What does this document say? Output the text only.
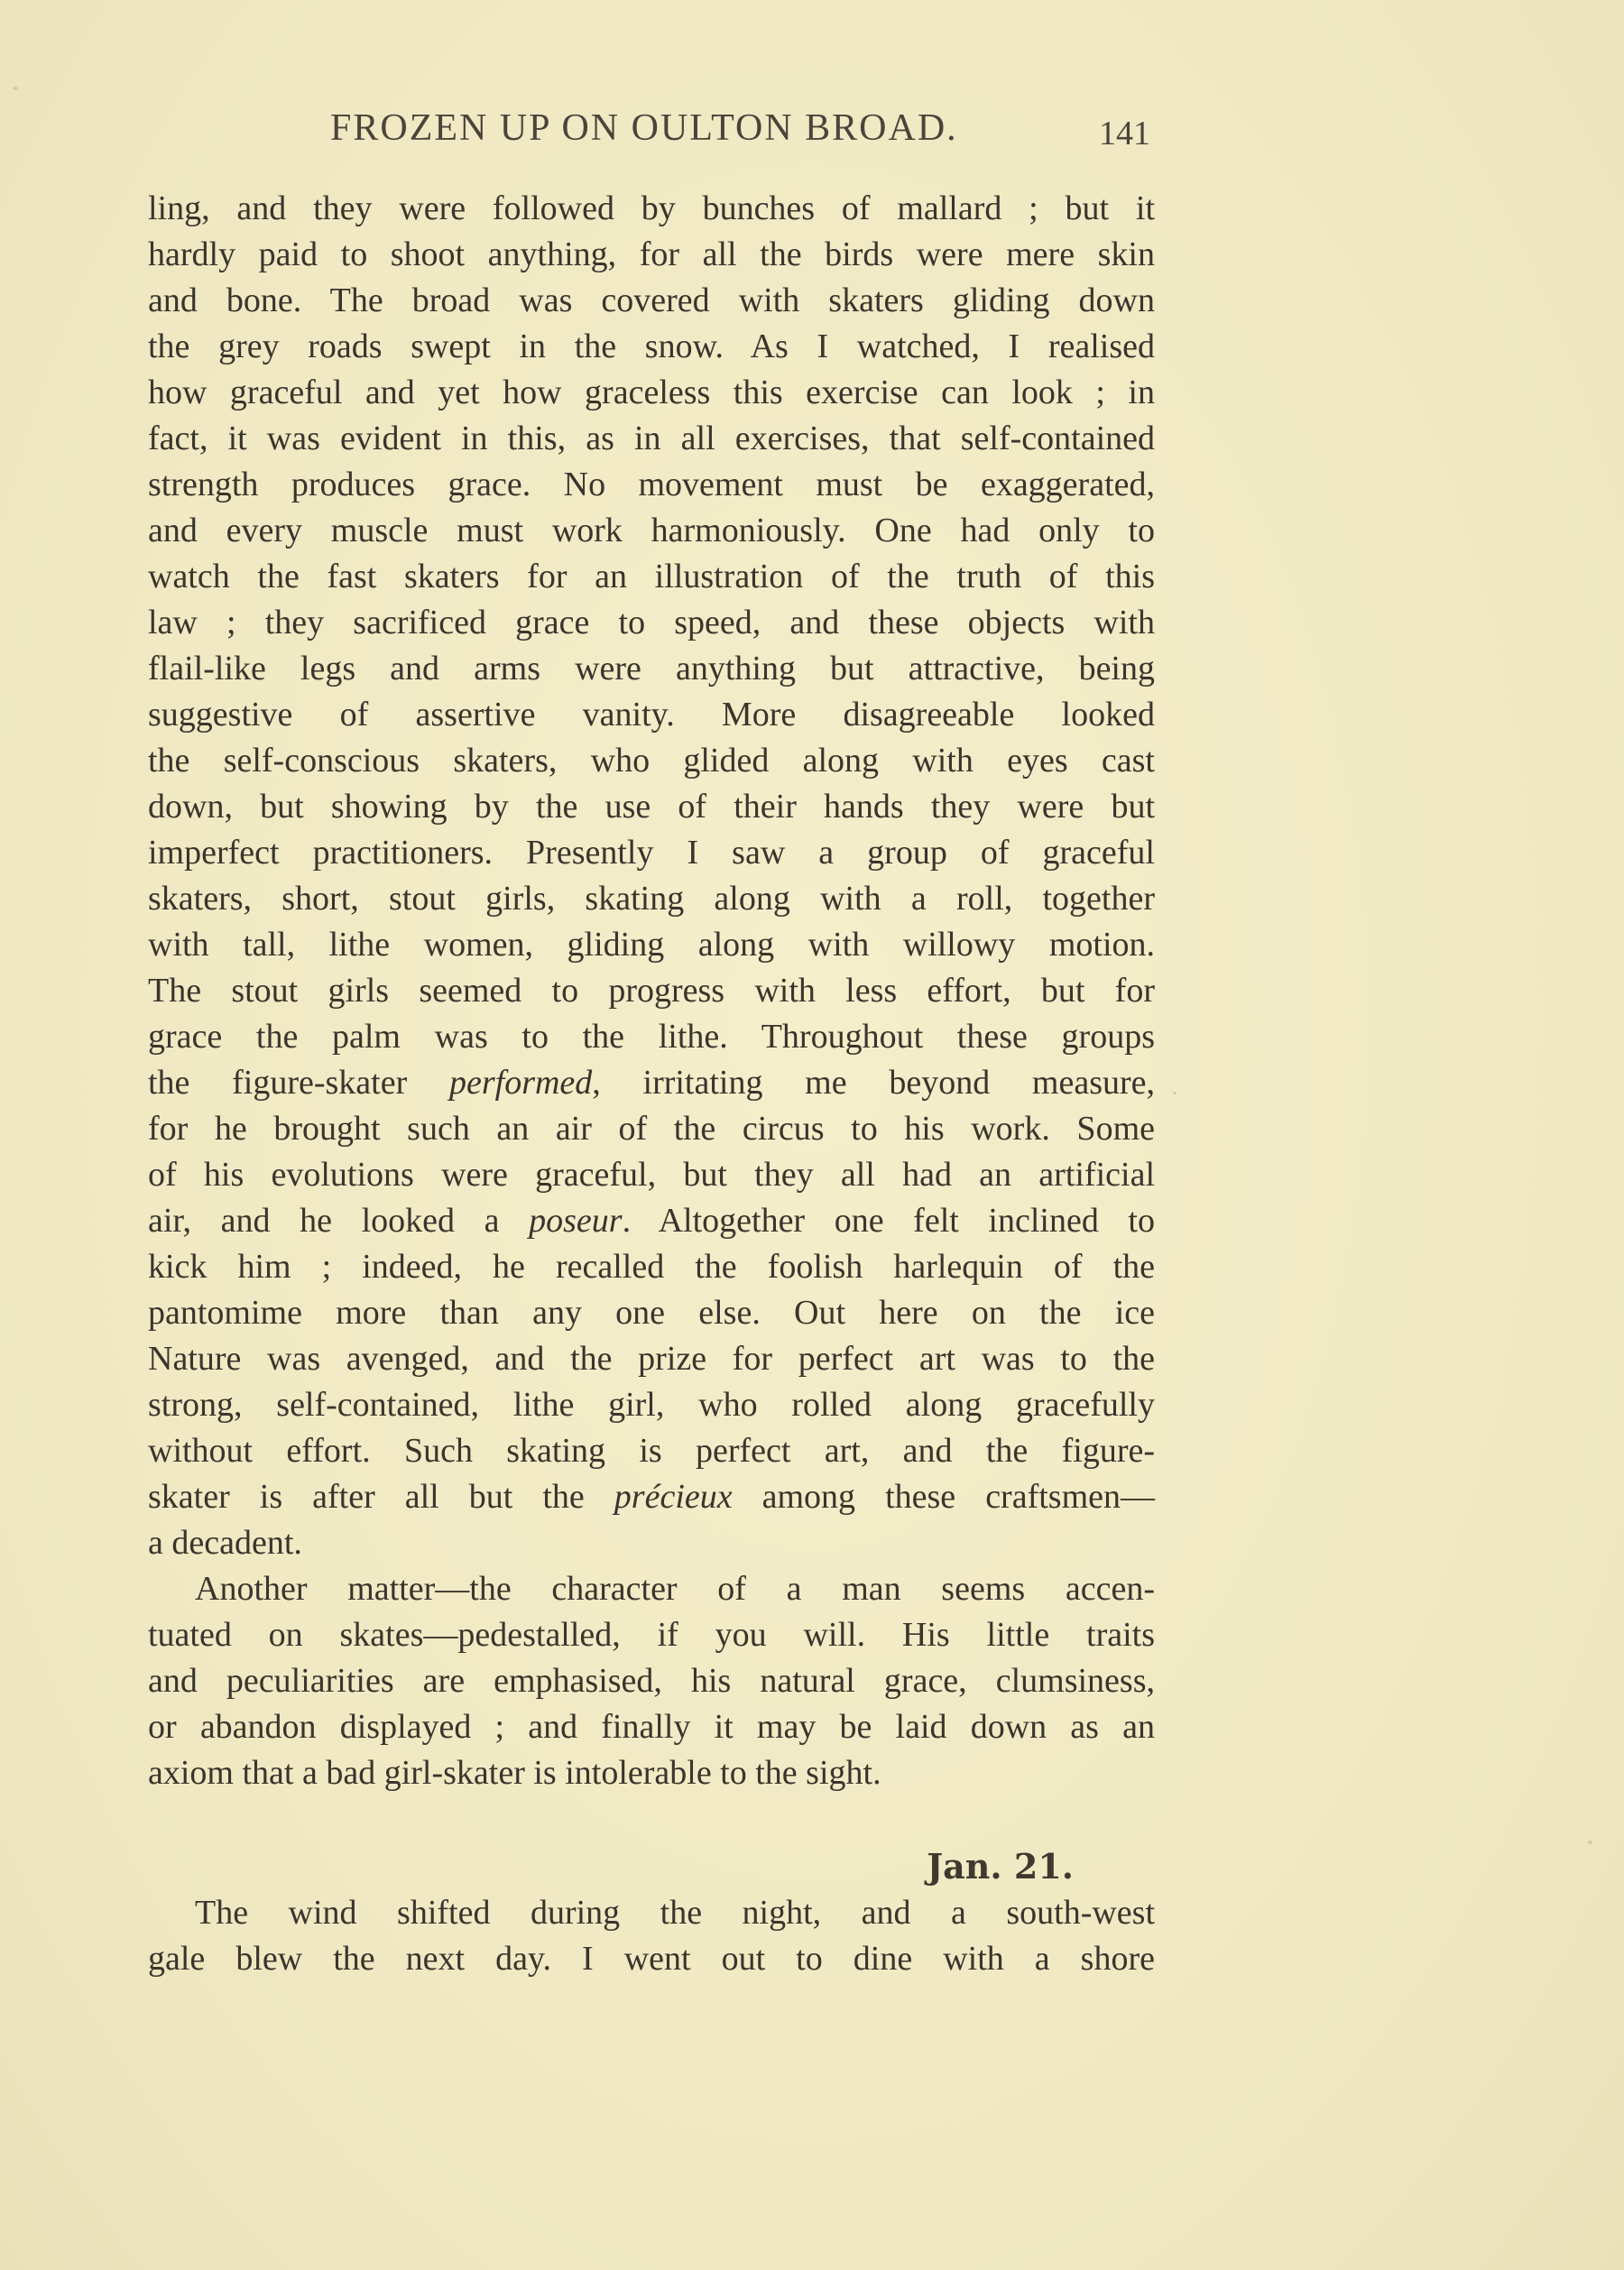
FROZEN UP ON OULTON BROAD.	141
ling, and they were followed by bunches of mallard ; but it
hardly paid to shoot anything, for all the birds were mere skin
and bone. The broad was covered with skaters gliding down
the grey roads swept in the snow. As I watched, I realised
how graceful and yet how graceless this exercise can look ; in
fact, it was evident in this, as in all exercises, that self-contained
strength produces grace. No movement must be exaggerated,
and every muscle must work harmoniously. One had only to
watch the fast skaters for an illustration of the truth of this
law ; they sacrificed grace to speed, and these objects with
flail-like legs and arms were anything but attractive, being
suggestive of assertive vanity. More disagreeable looked
the self-conscious skaters, who glided along with eyes cast
down, but showing by the use of their hands they were but
imperfect practitioners. Presently I saw a group of graceful
skaters, short, stout girls, skating along with a roll, together
with tall, lithe women, gliding along with willowy motion.
The stout girls seemed to progress with less effort, but for
grace the palm was to the lithe. Throughout these groups
the figure-skater performed, irritating me beyond measure,
for he brought such an air of the circus to his work. Some
of his evolutions were graceful, but they all had an artificial
air, and he looked a poseur. Altogether one felt inclined to
kick him ; indeed, he recalled the foolish harlequin of the
pantomime more than any one else. Out here on the ice
Nature was avenged, and the prize for perfect art was to the
strong, self-contained, lithe girl, who rolled along gracefully
without effort. Such skating is perfect art, and the figure-
skater is after all but the précieux among these craftsmen—
a decadent.
Another matter—the character of a man seems accen-
tuated on skates—pedestalled, if you will. His little traits
and peculiarities are emphasised, his natural grace, clumsiness,
or abandon displayed ; and finally it may be laid down as an
axiom that a bad girl-skater is intolerable to the sight.
Jan. 21.
The wind shifted during the night, and a south-west
gale blew the next day. I went out to dine with a shore
